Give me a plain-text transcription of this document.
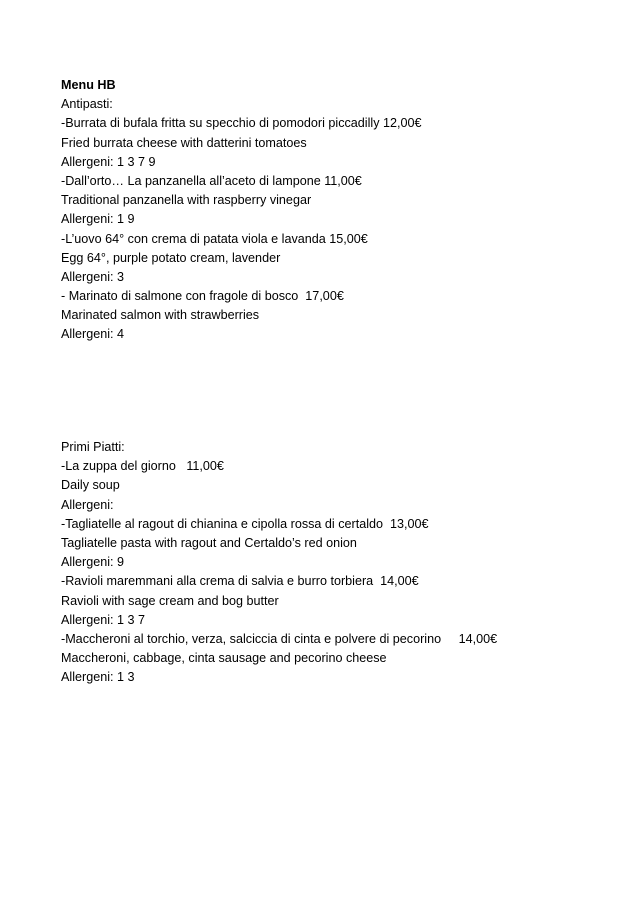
Menu HB
Antipasti:
-Burrata di bufala fritta su specchio di pomodori piccadilly 12,00€
Fried burrata cheese with datterini tomatoes
Allergeni: 1 3 7 9
-Dall’orto… La panzanella all’aceto di lampone 11,00€
Traditional panzanella with raspberry vinegar
Allergeni: 1 9
-L’uovo 64° con crema di patata viola e lavanda 15,00€
Egg 64°, purple potato cream, lavender
Allergeni: 3
- Marinato di salmone con fragole di bosco  17,00€
Marinated salmon with strawberries
Allergeni: 4
Primi Piatti:
-La zuppa del giorno   11,00€
Daily soup
Allergeni:
-Tagliatelle al ragout di chianina e cipolla rossa di certaldo  13,00€
Tagliatelle pasta with ragout and Certaldo’s red onion
Allergeni: 9
-Ravioli maremmani alla crema di salvia e burro torbiera  14,00€
Ravioli with sage cream and bog butter
Allergeni: 1 3 7
-Maccheroni al torchio, verza, salciccia di cinta e polvere di pecorino     14,00€
Maccheroni, cabbage, cinta sausage and pecorino cheese
Allergeni: 1 3
